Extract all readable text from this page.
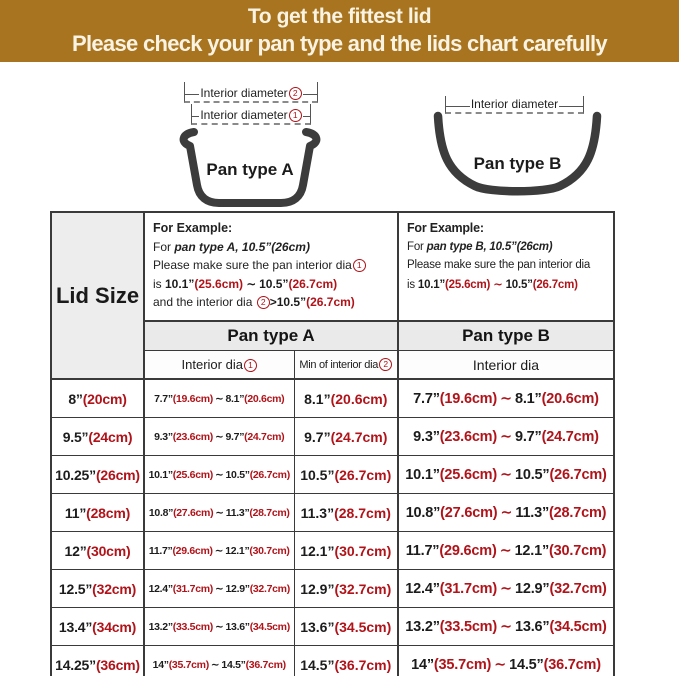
To get the fittest lid
Please check your pan type and the lids chart carefully
Interior diameter 2
Interior diameter 1
Pan type A
Interior diameter
Pan type B
Lid Size	
For Example:
For pan type A, 10.5”(26cm)
Please make sure the pan interior dia 1
is 10.1”(25.6cm) ∼ 10.5”(26.7cm)
and the interior dia 2 >10.5”(26.7cm)

For Example:
For pan type B, 10.5”(26cm)
Please make sure the pan interior dia
is 10.1”(25.6cm) ∼ 10.5”(26.7cm)

	Pan type A		Pan type B
	Interior dia 1	Min of interior dia 2	Interior dia
8”(20cm)	7.7”(19.6cm) ∼ 8.1”(20.6cm)	8.1”(20.6cm)	7.7”(19.6cm) ∼ 8.1”(20.6cm)
9.5”(24cm)	9.3”(23.6cm) ∼ 9.7”(24.7cm)	9.7”(24.7cm)	9.3”(23.6cm) ∼ 9.7”(24.7cm)
10.25”(26cm)	10.1”(25.6cm) ∼ 10.5”(26.7cm)	10.5”(26.7cm)	10.1”(25.6cm) ∼ 10.5”(26.7cm)
11”(28cm)	10.8”(27.6cm) ∼ 11.3”(28.7cm)	11.3”(28.7cm)	10.8”(27.6cm) ∼ 11.3”(28.7cm)
12”(30cm)	11.7”(29.6cm) ∼ 12.1”(30.7cm)	12.1”(30.7cm)	11.7”(29.6cm) ∼ 12.1”(30.7cm)
12.5”(32cm)	12.4”(31.7cm) ∼ 12.9”(32.7cm)	12.9”(32.7cm)	12.4”(31.7cm) ∼ 12.9”(32.7cm)
13.4”(34cm)	13.2”(33.5cm) ∼ 13.6”(34.5cm)	13.6”(34.5cm)	13.2”(33.5cm) ∼ 13.6”(34.5cm)
14.25”(36cm)	14”(35.7cm) ∼ 14.5”(36.7cm)	14.5”(36.7cm)	14”(35.7cm) ∼ 14.5”(36.7cm)
